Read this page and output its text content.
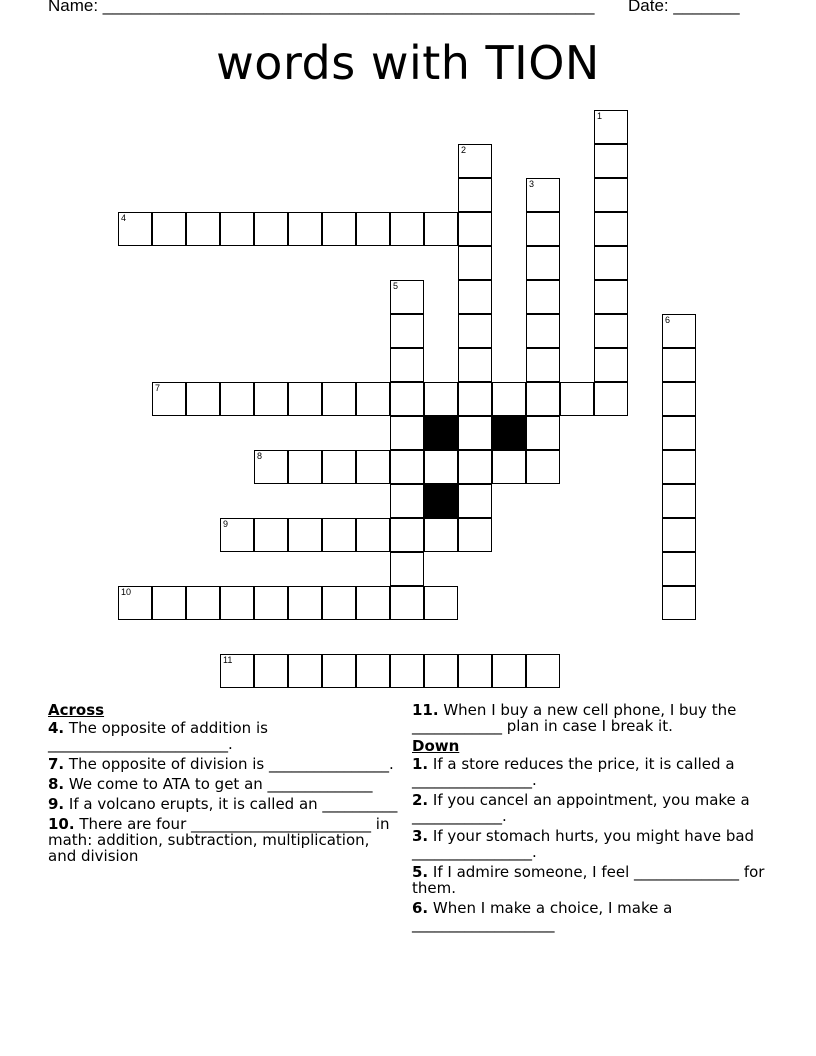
Name: ____________________________________________________ Date: _______
words with TION
1
2
3
4
5
6
7
8
9
10
11
Across
4. The opposite of addition is ________________________.
7. The opposite of division is ________________.
8. We come to ATA to get an ______________
9. If a volcano erupts, it is called an __________
10. There are four ________________________ in math: addition, subtraction, multiplication, and division
11. When I buy a new cell phone, I buy the ____________ plan in case I break it.
Down
1. If a store reduces the price, it is called a ________________.
2. If you cancel an appointment, you make a ____________.
3. If your stomach hurts, you might have bad ________________.
5. If I admire someone, I feel ______________ for them.
6. When I make a choice, I make a ___________________
